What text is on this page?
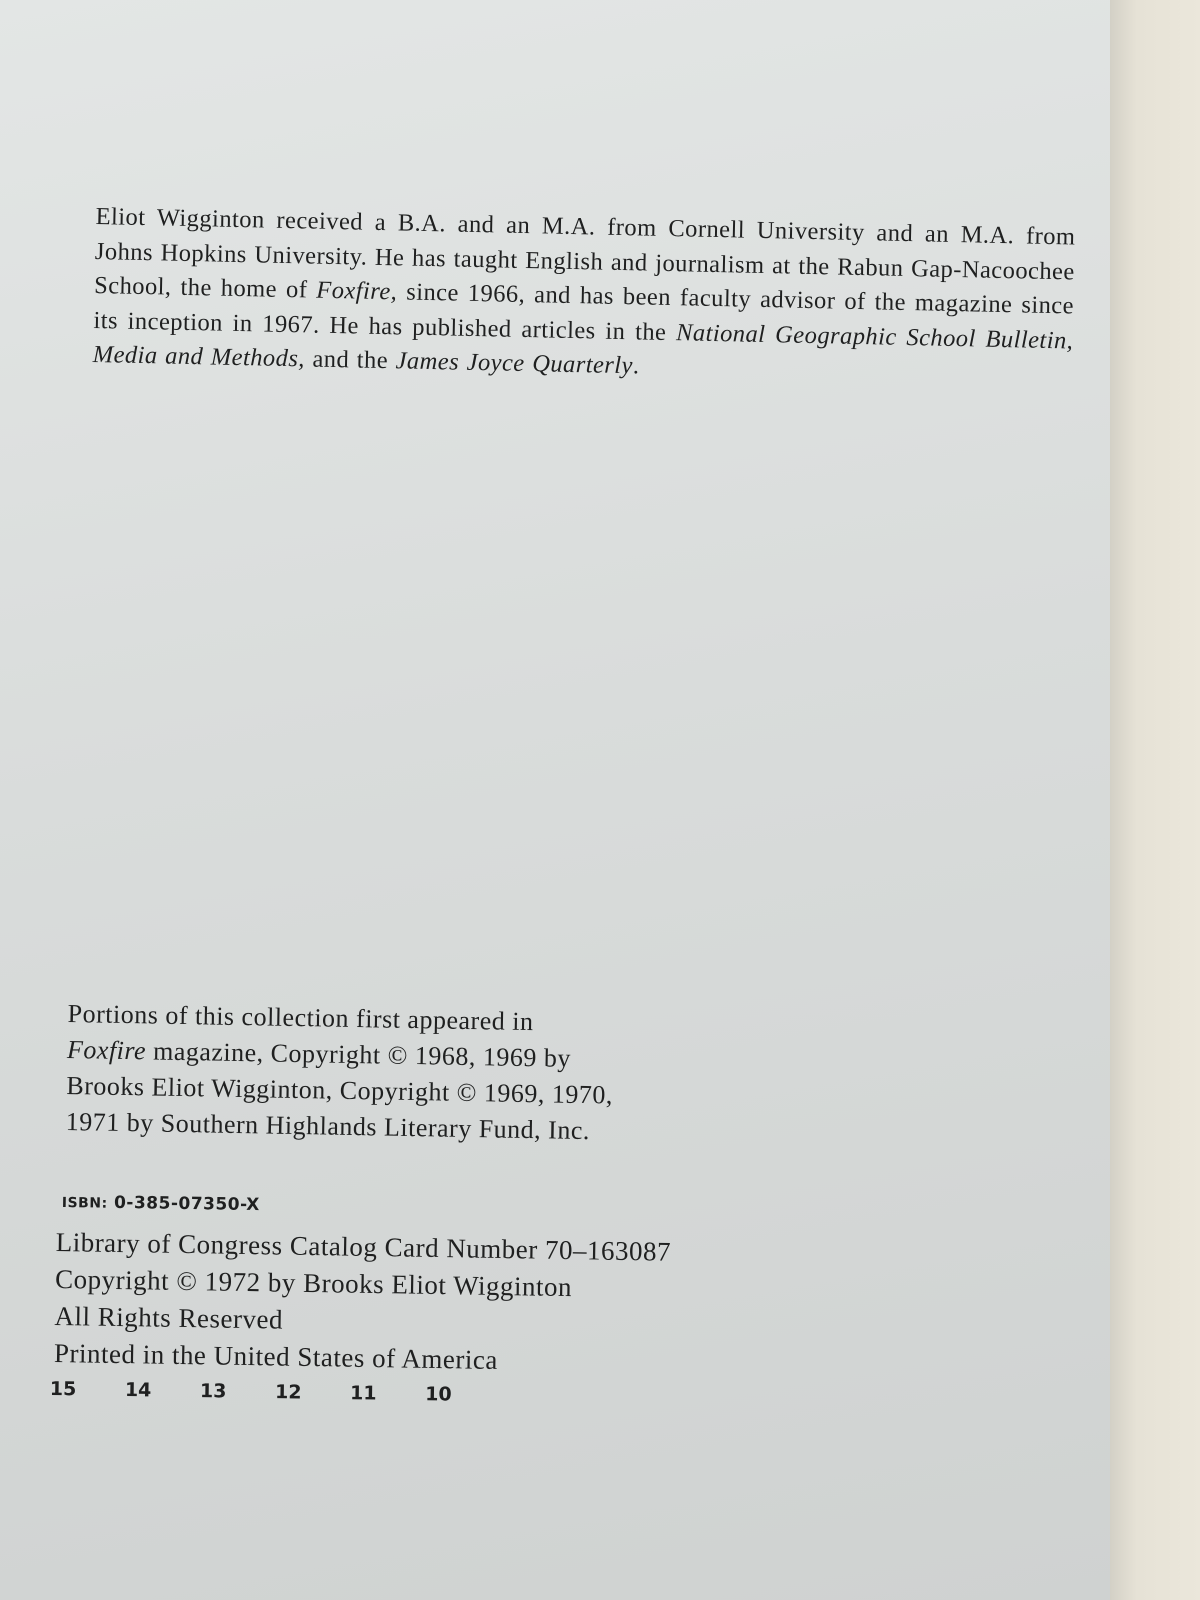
Eliot Wigginton received a B.A. and an M.A. from Cornell University and an M.A. from Johns Hopkins University. He has taught English and journalism at the Rabun Gap-Nacoochee School, the home of Foxfire, since 1966, and has been faculty advisor of the magazine since its inception in 1967. He has published articles in the National Geographic School Bulletin, Media and Methods, and the James Joyce Quarterly.

Portions of this collection first appeared in
Foxfire magazine, Copyright © 1968, 1969 by
Brooks Eliot Wigginton, Copyright © 1969, 1970,
1971 by Southern Highlands Literary Fund, Inc.
ISBN: 0-385-07350-X
Library of Congress Catalog Card Number 70–163087
Copyright © 1972 by Brooks Eliot Wigginton
All Rights Reserved
Printed in the United States of America
15	14	13	12	11	10
